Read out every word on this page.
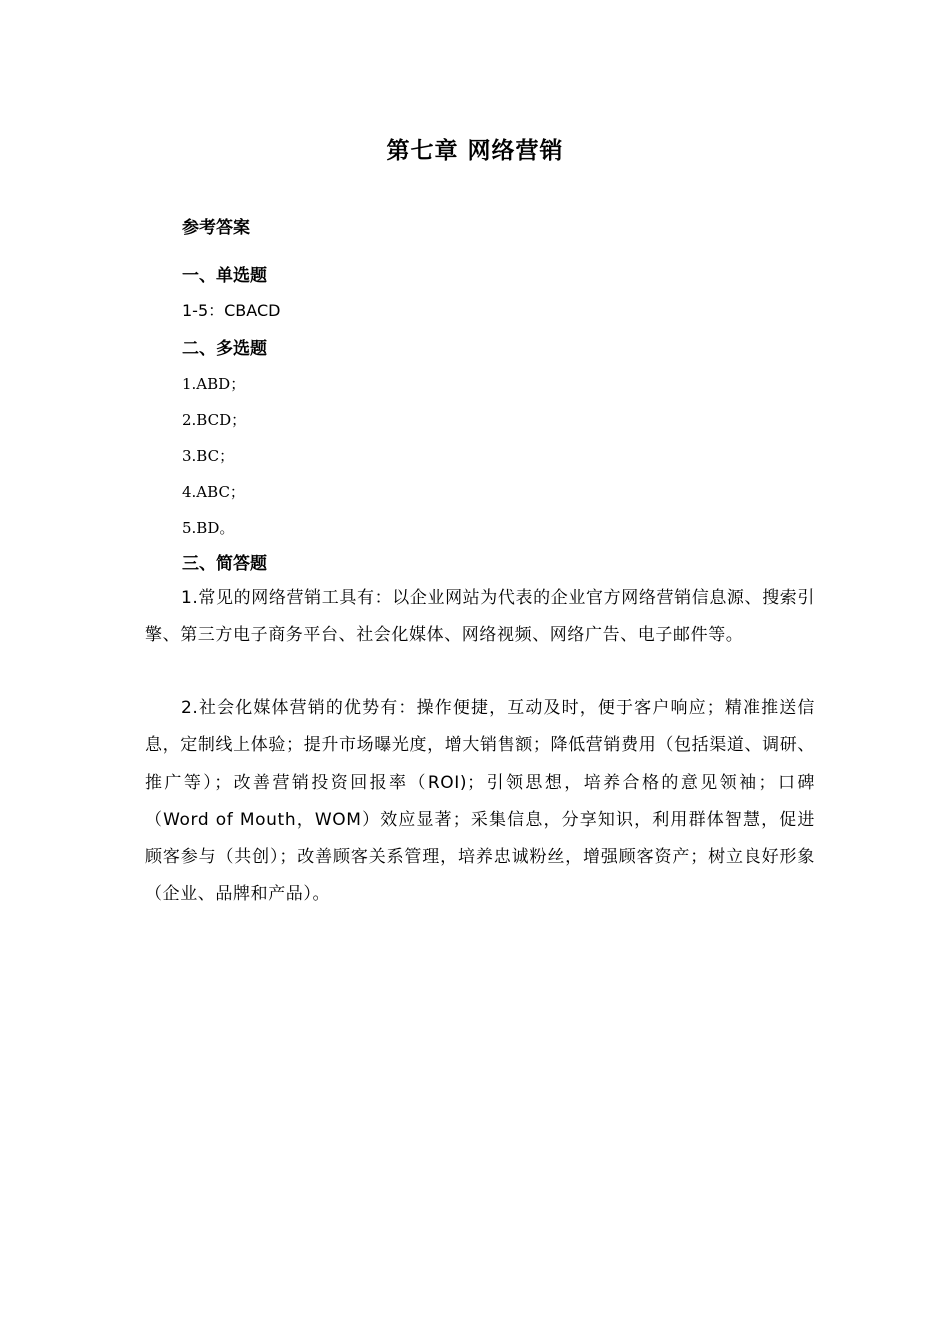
第七章 网络营销
参考答案
一、单选题
1-5：CBACD
二、多选题
1.ABD；
2.BCD；
3.BC；
4.ABC；
5.BD。
三、简答题
1.常见的网络营销工具有：以企业网站为代表的企业官方网络营销信息源、搜索引擎、第三方电子商务平台、社会化媒体、网络视频、网络广告、电子邮件等。
2.社会化媒体营销的优势有：操作便捷，互动及时，便于客户响应；精准推送信息，定制线上体验；提升市场曝光度，增大销售额；降低营销费用（包括渠道、调研、推广等）；改善营销投资回报率（ROI)；引领思想，培养合格的意见领袖；口碑（Word of Mouth，WOM）效应显著；采集信息，分享知识，利用群体智慧，促进顾客参与（共创）；改善顾客关系管理，培养忠诚粉丝，增强顾客资产；树立良好形象（企业、品牌和产品）。
